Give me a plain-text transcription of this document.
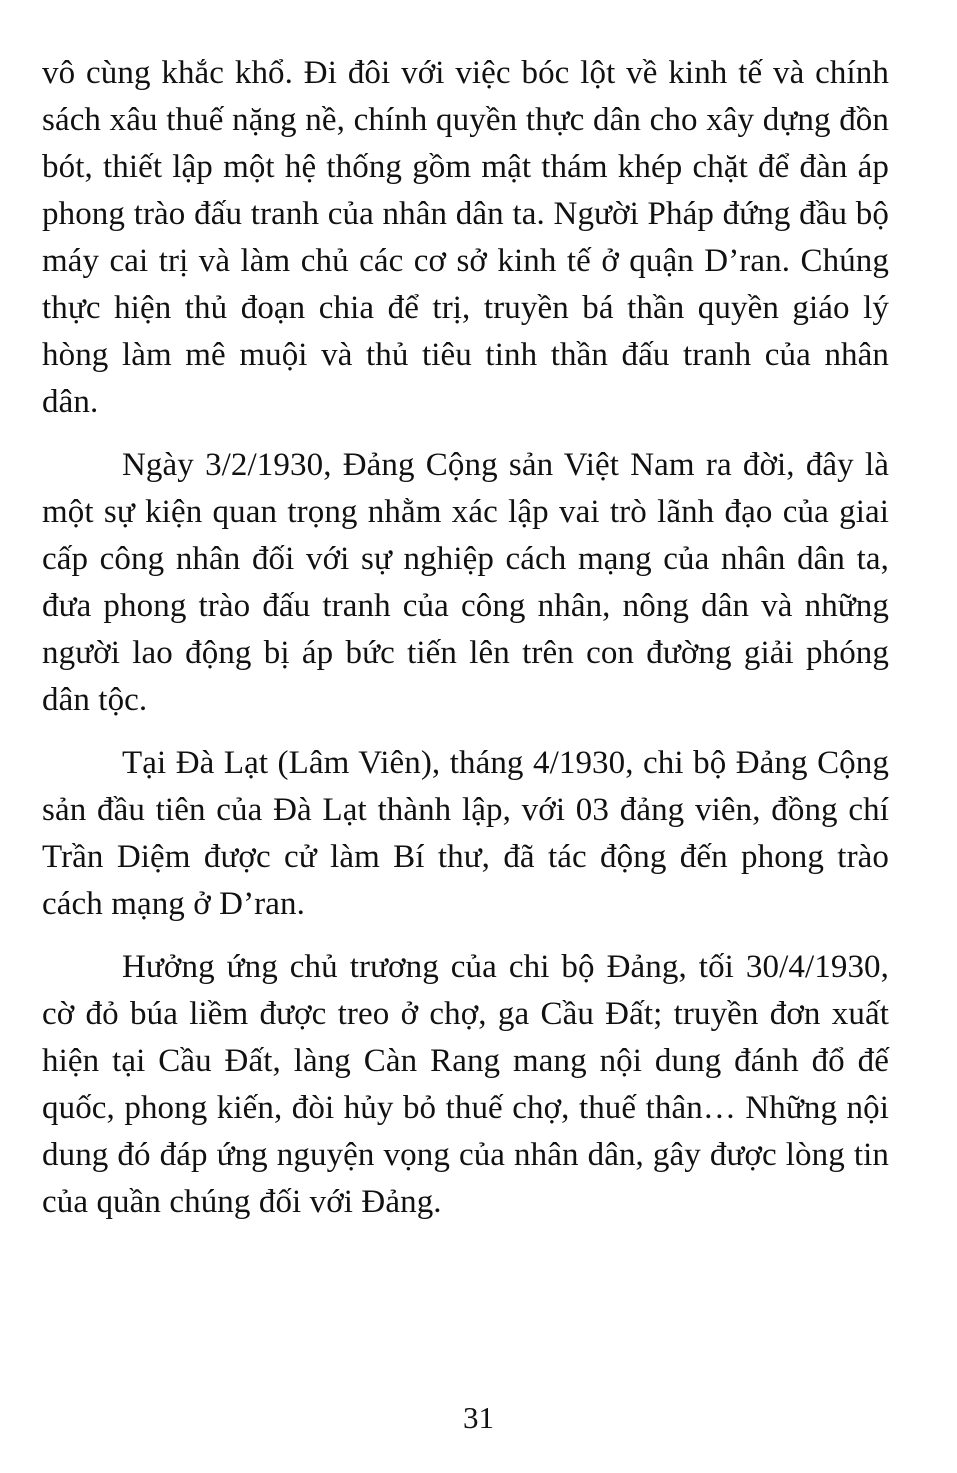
vô cùng khắc khổ. Đi đôi với việc bóc lột về kinh tế và chính sách xâu thuế nặng nề, chính quyền thực dân cho xây dựng đồn bót, thiết lập một hệ thống gồm mật thám khép chặt để đàn áp phong trào đấu tranh của nhân dân ta. Người Pháp đứng đầu bộ máy cai trị và làm chủ các cơ sở kinh tế ở quận D’ran. Chúng thực hiện thủ đoạn chia để trị, truyền bá thần quyền giáo lý hòng làm mê muội và thủ tiêu tinh thần đấu tranh của nhân dân.

Ngày 3/2/1930, Đảng Cộng sản Việt Nam ra đời, đây là một sự kiện quan trọng nhằm xác lập vai trò lãnh đạo của giai cấp công nhân đối với sự nghiệp cách mạng của nhân dân ta, đưa phong trào đấu tranh của công nhân, nông dân và những người lao động bị áp bức tiến lên trên con đường giải phóng dân tộc.

Tại Đà Lạt (Lâm Viên), tháng 4/1930, chi bộ Đảng Cộng sản đầu tiên của Đà Lạt thành lập, với 03 đảng viên, đồng chí Trần Diệm được cử làm Bí thư, đã tác động đến phong trào cách mạng ở D’ran.

Hưởng ứng chủ trương của chi bộ Đảng, tối 30/4/1930, cờ đỏ búa liềm được treo ở chợ, ga Cầu Đất; truyền đơn xuất hiện tại Cầu Đất, làng Càn Rang mang nội dung đánh đổ đế quốc, phong kiến, đòi hủy bỏ thuế chợ, thuế thân… Những nội dung đó đáp ứng nguyện vọng của nhân dân, gây được lòng tin của quần chúng đối với Đảng.

31
